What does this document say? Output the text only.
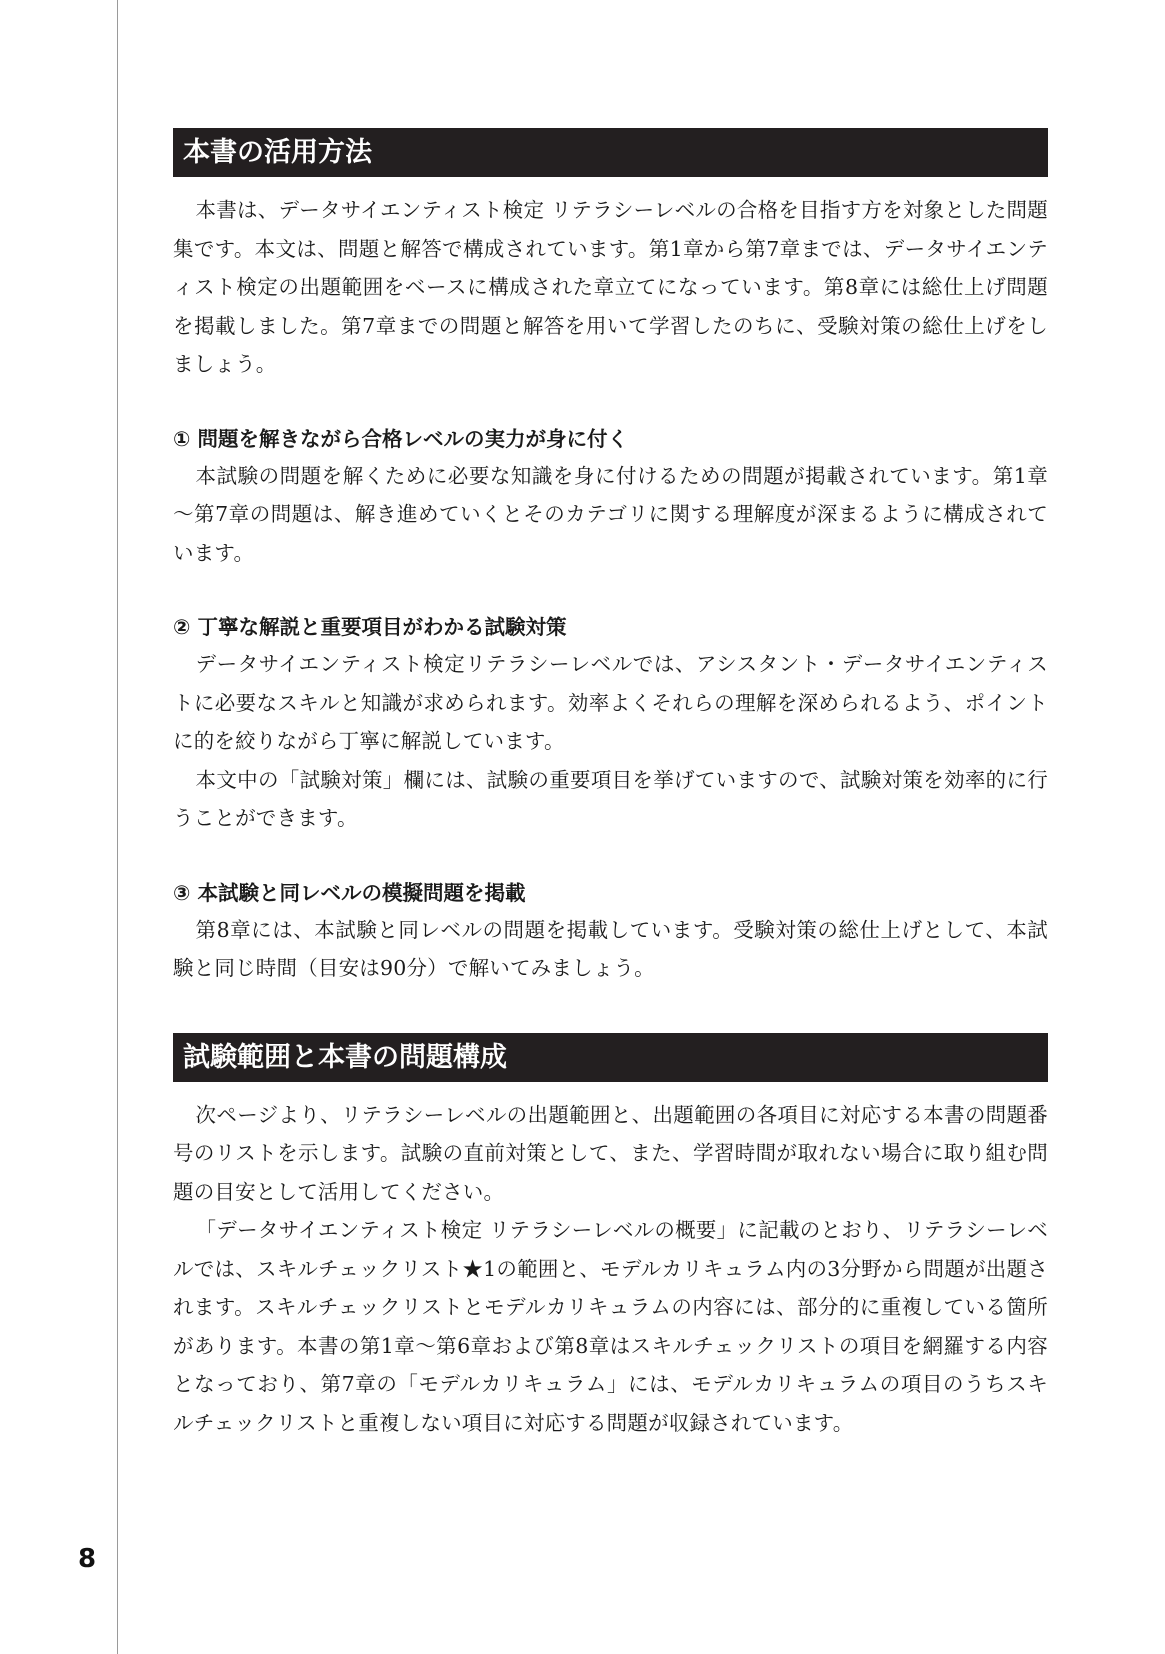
本書の活用方法

本書は、データサイエンティスト検定 リテラシーレベルの合格を目指す方を対象とした問題集です。本文は、問題と解答で構成されています。第1章から第7章までは、データサイエンティスト検定の出題範囲をベースに構成された章立てになっています。第8章には総仕上げ問題を掲載しました。第7章までの問題と解答を用いて学習したのちに、受験対策の総仕上げをしましょう。

① 問題を解きながら合格レベルの実力が身に付く

本試験の問題を解くために必要な知識を身に付けるための問題が掲載されています。第1章～第7章の問題は、解き進めていくとそのカテゴリに関する理解度が深まるように構成されています。

② 丁寧な解説と重要項目がわかる試験対策

データサイエンティスト検定リテラシーレベルでは、アシスタント・データサイエンティストに必要なスキルと知識が求められます。効率よくそれらの理解を深められるよう、ポイントに的を絞りながら丁寧に解説しています。

本文中の「試験対策」欄には、試験の重要項目を挙げていますので、試験対策を効率的に行うことができます。

③ 本試験と同レベルの模擬問題を掲載

第8章には、本試験と同レベルの問題を掲載しています。受験対策の総仕上げとして、本試験と同じ時間（目安は90分）で解いてみましょう。

試験範囲と本書の問題構成

次ページより、リテラシーレベルの出題範囲と、出題範囲の各項目に対応する本書の問題番号のリストを示します。試験の直前対策として、また、学習時間が取れない場合に取り組む問題の目安として活用してください。

「データサイエンティスト検定 リテラシーレベルの概要」に記載のとおり、リテラシーレベルでは、スキルチェックリスト★1の範囲と、モデルカリキュラム内の3分野から問題が出題されます。スキルチェックリストとモデルカリキュラムの内容には、部分的に重複している箇所があります。本書の第1章～第6章および第8章はスキルチェックリストの項目を網羅する内容となっており、第7章の「モデルカリキュラム」には、モデルカリキュラムの項目のうちスキルチェックリストと重複しない項目に対応する問題が収録されています。

8
